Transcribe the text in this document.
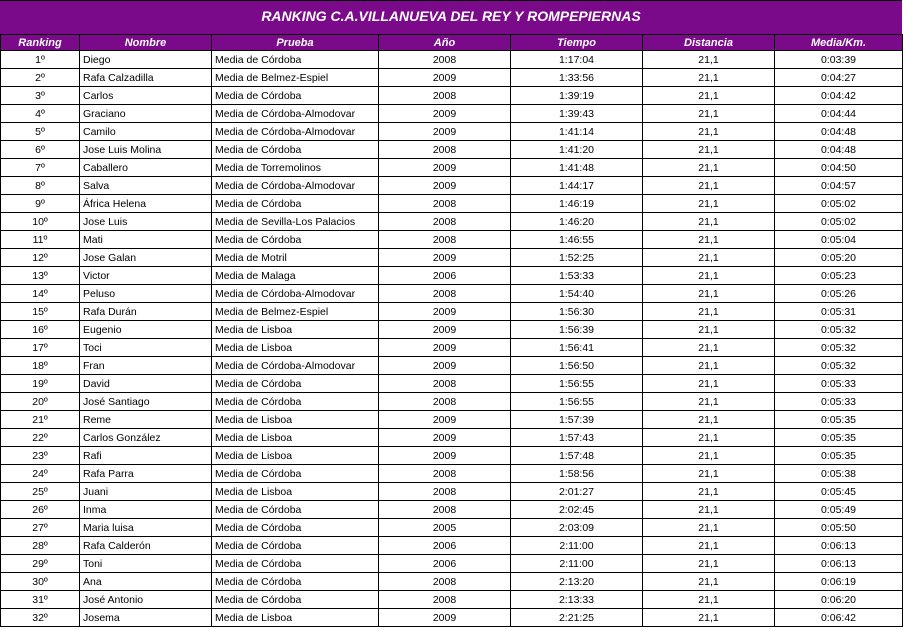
RANKING C.A.VILLANUEVA DEL REY Y ROMPEPIERNAS
Ranking	Nombre	Prueba	Año	Tiempo	Distancia	Media/Km.
1º	Diego	Media de Córdoba	2008	1:17:04	21,1	0:03:39
2º	Rafa Calzadilla	Media de Belmez-Espiel	2009	1:33:56	21,1	0:04:27
3º	Carlos	Media de Córdoba	2008	1:39:19	21,1	0:04:42
4º	Graciano	Media de Córdoba-Almodovar	2009	1:39:43	21,1	0:04:44
5º	Camilo	Media de Córdoba-Almodovar	2009	1:41:14	21,1	0:04:48
6º	Jose Luis Molina	Media de Córdoba	2008	1:41:20	21,1	0:04:48
7º	Caballero	Media de Torremolinos	2009	1:41:48	21,1	0:04:50
8º	Salva	Media de Córdoba-Almodovar	2009	1:44:17	21,1	0:04:57
9º	África Helena	Media de Córdoba	2008	1:46:19	21,1	0:05:02
10º	Jose Luis	Media de Sevilla-Los Palacios	2008	1:46:20	21,1	0:05:02
11º	Mati	Media de Córdoba	2008	1:46:55	21,1	0:05:04
12º	Jose Galan	Media de Motril	2009	1:52:25	21,1	0:05:20
13º	Victor	Media de Malaga	2006	1:53:33	21,1	0:05:23
14º	Peluso	Media de Córdoba-Almodovar	2008	1:54:40	21,1	0:05:26
15º	Rafa Durán	Media de Belmez-Espiel	2009	1:56:30	21,1	0:05:31
16º	Eugenio	Media de Lisboa	2009	1:56:39	21,1	0:05:32
17º	Toci	Media de Lisboa	2009	1:56:41	21,1	0:05:32
18º	Fran	Media de Córdoba-Almodovar	2009	1:56:50	21,1	0:05:32
19º	David	Media de Córdoba	2008	1:56:55	21,1	0:05:33
20º	José Santiago	Media de Córdoba	2008	1:56:55	21,1	0:05:33
21º	Reme	Media de Lisboa	2009	1:57:39	21,1	0:05:35
22º	Carlos González	Media de Lisboa	2009	1:57:43	21,1	0:05:35
23º	Rafi	Media de Lisboa	2009	1:57:48	21,1	0:05:35
24º	Rafa Parra	Media de Córdoba	2008	1:58:56	21,1	0:05:38
25º	Juani	Media de Lisboa	2008	2:01:27	21,1	0:05:45
26º	Inma	Media de Córdoba	2008	2:02:45	21,1	0:05:49
27º	Maria luisa	Media de Córdoba	2005	2:03:09	21,1	0:05:50
28º	Rafa Calderón	Media de Córdoba	2006	2:11:00	21,1	0:06:13
29º	Toni	Media de Córdoba	2006	2:11:00	21,1	0:06:13
30º	Ana	Media de Córdoba	2008	2:13:20	21,1	0:06:19
31º	José Antonio	Media de Córdoba	2008	2:13:33	21,1	0:06:20
32º	Josema	Media de Lisboa	2009	2:21:25	21,1	0:06:42
